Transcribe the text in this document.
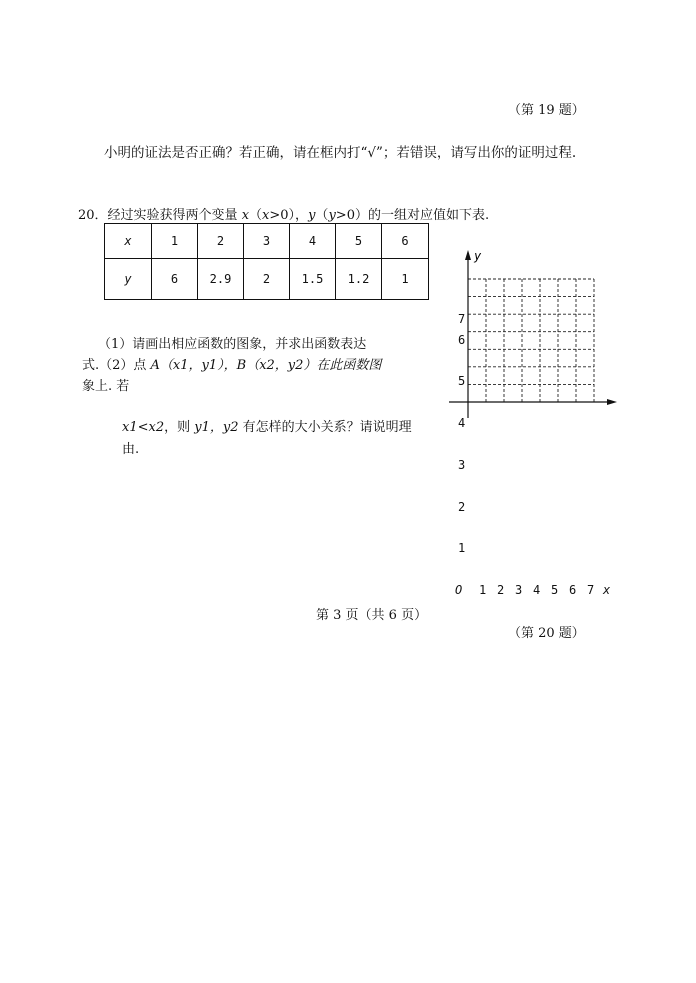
（第 19 题）
小明的证法是否正确？若正确，请在框内打“√”；若错误，请写出你的证明过程.
20．经过实验获得两个变量 x（x>0），y（y>0）的一组对应值如下表.
x	1	2	3	4	5	6
y	6	2.9	2	1.5	1.2	1
（1）请画出相应函数的图象，并求出函数表达
式.（2）点 A（x1，y1），B（x2，y2）在此函数图
象上. 若
x1<x2，则 y1，y2 有怎样的大小关系？请说明理
由.
y
7
6
5
4
3
2
1
O 1 2 3 4 5 6 7 x
第 3 页（共 6 页）
（第 20 题）
